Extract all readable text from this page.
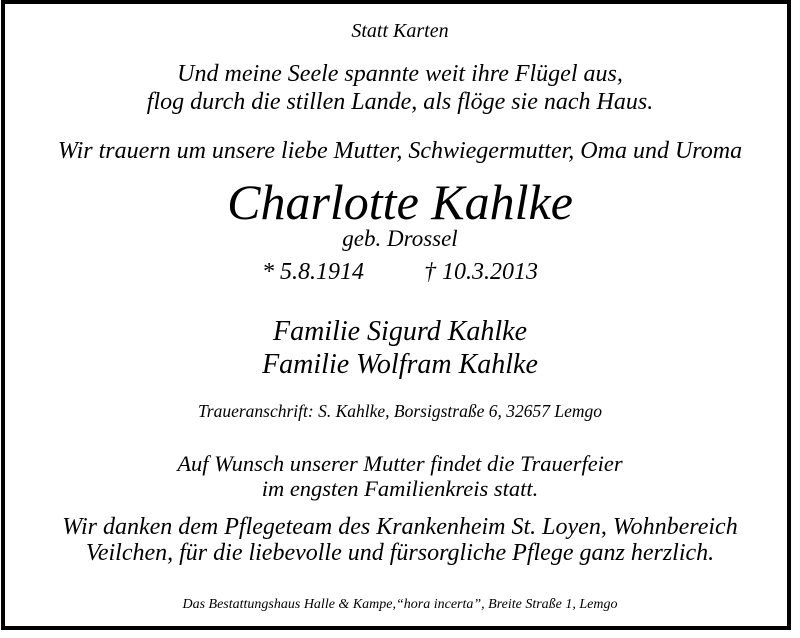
Statt Karten
Und meine Seele spannte weit ihre Flügel aus,
flog durch die stillen Lande, als flöge sie nach Haus.
Wir trauern um unsere liebe Mutter, Schwiegermutter, Oma und Uroma
Charlotte Kahlke
geb. Drossel
* 5.8.1914	† 10.3.2013
Familie Sigurd Kahlke
Familie Wolfram Kahlke
Traueranschrift: S. Kahlke, Borsigstraße 6, 32657 Lemgo
Auf Wunsch unserer Mutter findet die Trauerfeier
im engsten Familienkreis statt.
Wir danken dem Pflegeteam des Krankenheim St. Loyen, Wohnbereich
Veilchen, für die liebevolle und fürsorgliche Pflege ganz herzlich.
Das Bestattungshaus Halle & Kampe,“hora incerta”, Breite Straße 1, Lemgo
